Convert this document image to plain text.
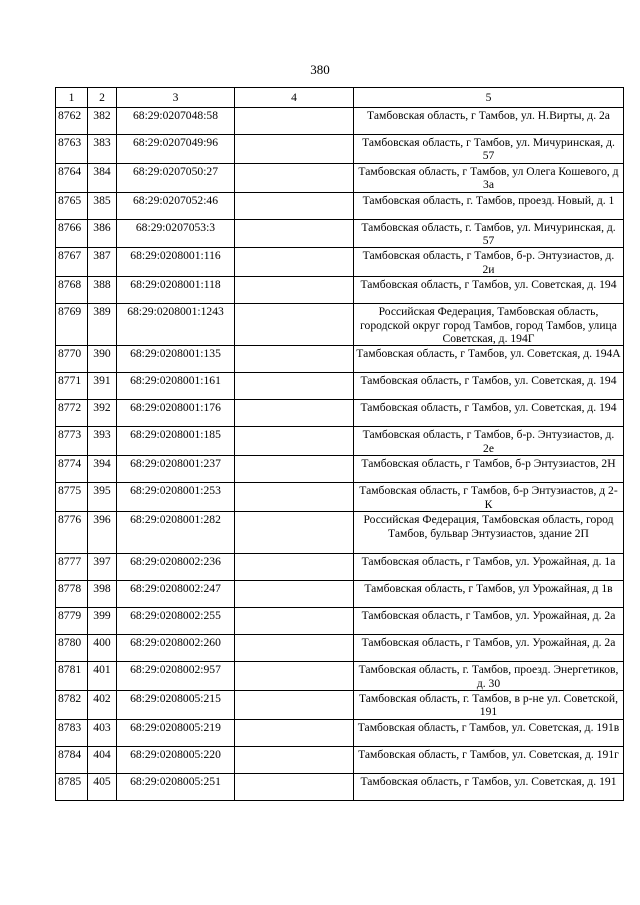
380
1	2	3	4	5
8762	382	68:29:0207048:58		Тамбовская область, г Тамбов, ул. Н.Вирты, д. 2а
8763	383	68:29:0207049:96		Тамбовская область, г Тамбов, ул. Мичуринская, д. 57
8764	384	68:29:0207050:27		Тамбовская область, г Тамбов, ул Олега Кошевого, д 3а
8765	385	68:29:0207052:46		Тамбовская область, г. Тамбов, проезд. Новый, д. 1
8766	386	68:29:0207053:3		Тамбовская область, г. Тамбов, ул. Мичуринская, д. 57
8767	387	68:29:0208001:116		Тамбовская область, г Тамбов, б-р. Энтузиастов, д. 2и
8768	388	68:29:0208001:118		Тамбовская область, г Тамбов, ул. Советская, д. 194
8769	389	68:29:0208001:1243		Российская Федерация, Тамбовская область, городской округ город Тамбов, город Тамбов, улица Советская, д. 194Г
8770	390	68:29:0208001:135		Тамбовская область, г Тамбов, ул. Советская, д. 194А
8771	391	68:29:0208001:161		Тамбовская область, г Тамбов, ул. Советская, д. 194
8772	392	68:29:0208001:176		Тамбовская область, г Тамбов, ул. Советская, д. 194
8773	393	68:29:0208001:185		Тамбовская область, г Тамбов, б-р. Энтузиастов, д. 2е
8774	394	68:29:0208001:237		Тамбовская область, г Тамбов, б-р Энтузиастов, 2Н
8775	395	68:29:0208001:253		Тамбовская область, г Тамбов, б-р Энтузиастов, д 2-К
8776	396	68:29:0208001:282		Российская Федерация, Тамбовская область, город Тамбов, бульвар Энтузиастов, здание 2П
8777	397	68:29:0208002:236		Тамбовская область, г Тамбов, ул. Урожайная, д. 1а
8778	398	68:29:0208002:247		Тамбовская область, г Тамбов, ул Урожайная, д 1в
8779	399	68:29:0208002:255		Тамбовская область, г Тамбов, ул. Урожайная, д. 2а
8780	400	68:29:0208002:260		Тамбовская область, г Тамбов, ул. Урожайная, д. 2а
8781	401	68:29:0208002:957		Тамбовская область, г. Тамбов, проезд. Энергетиков, д. 30
8782	402	68:29:0208005:215		Тамбовская область, г. Тамбов, в р-не ул. Советской, 191
8783	403	68:29:0208005:219		Тамбовская область, г Тамбов, ул. Советская, д. 191в
8784	404	68:29:0208005:220		Тамбовская область, г Тамбов, ул. Советская, д. 191г
8785	405	68:29:0208005:251		Тамбовская область, г Тамбов, ул. Советская, д. 191
